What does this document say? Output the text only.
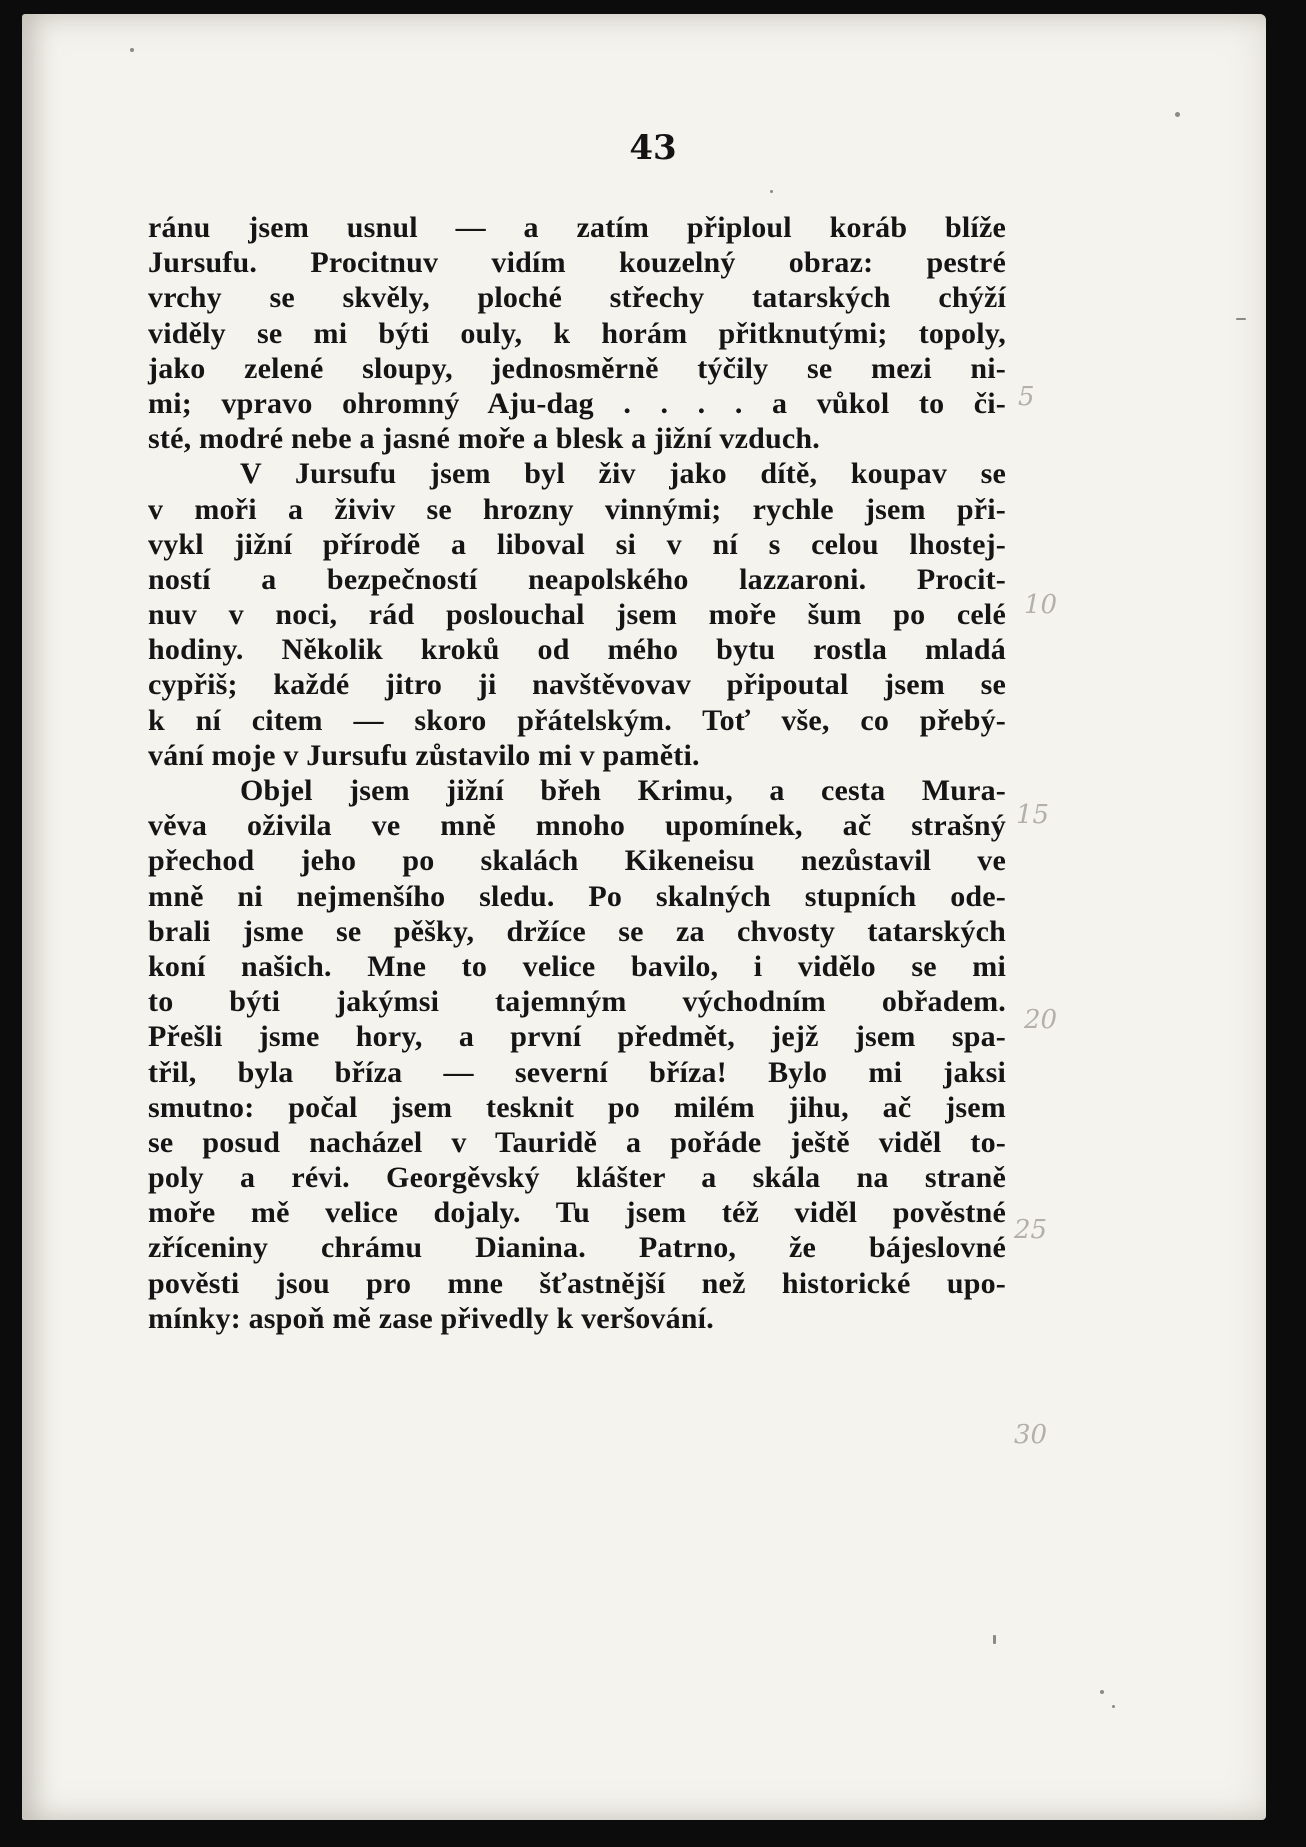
43
ránu jsem usnul — a zatím připloul koráb blíže
Jursufu. Procitnuv vidím kouzelný obraz: pestré
vrchy se skvěly, ploché střechy tatarských chýží
viděly se mi býti ouly, k horám přitknutými; topoly,
jako zelené sloupy, jednosměrně týčily se mezi ni-
mi; vpravo ohromný Aju-dag . . . . a vůkol to či-
sté, modré nebe a jasné moře a blesk a jižní vzduch.
V Jursufu jsem byl živ jako dítě, koupav se
v moři a živiv se hrozny vinnými; rychle jsem při-
vykl jižní přírodě a liboval si v ní s celou lhostej-
ností a bezpečností neapolského lazzaroni. Procit-
nuv v noci, rád poslouchal jsem moře šum po celé
hodiny. Několik kroků od mého bytu rostla mladá
cypřiš; každé jitro ji navštěvovav připoutal jsem se
k ní citem — skoro přátelským. Toť vše, co přebý-
vání moje v Jursufu zůstavilo mi v paměti.
Objel jsem jižní břeh Krimu, a cesta Mura-
věva oživila ve mně mnoho upomínek, ač strašný
přechod jeho po skalách Kikeneisu nezůstavil ve
mně ni nejmenšího sledu. Po skalných stupních ode-
brali jsme se pěšky, držíce se za chvosty tatarských
koní našich. Mne to velice bavilo, i vidělo se mi
to býti jakýmsi tajemným východním obřadem.
Přešli jsme hory, a první předmět, jejž jsem spa-
třil, byla bříza — severní bříza! Bylo mi jaksi
smutno: počal jsem tesknit po milém jihu, ač jsem
se posud nacházel v Tauridě a pořáde ještě viděl to-
poly a révi. Georgěvský klášter a skála na straně
moře mě velice dojaly. Tu jsem též viděl pověstné
zříceniny chrámu Dianina. Patrno, že bájeslovné
pověsti jsou pro mne šťastnější než historické upo-
mínky: aspoň mě zase přivedly k veršování.
5
10
15
20
25
30
